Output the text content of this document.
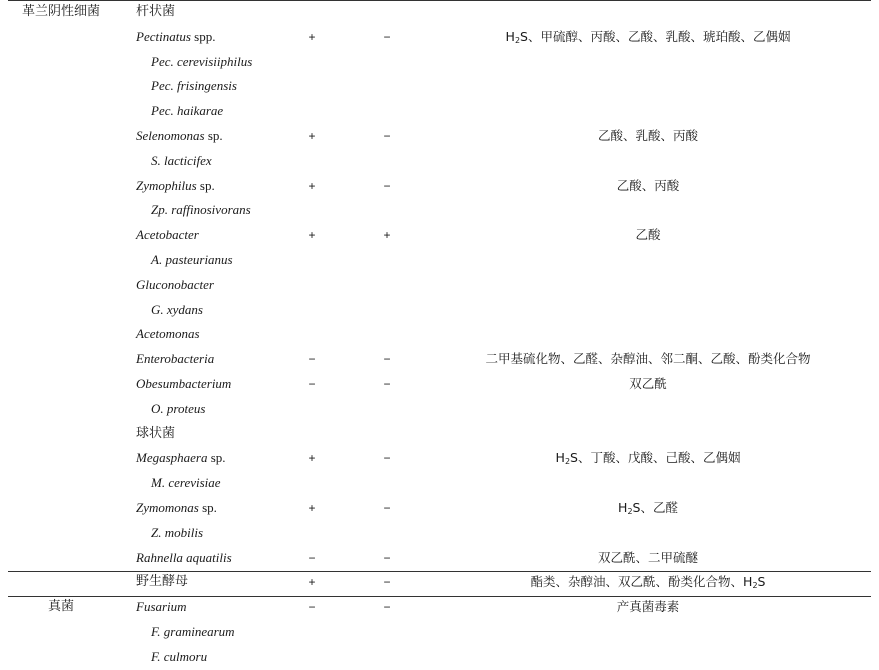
革兰阴性细菌	杆状菌
Pectinatus spp.	+	−	$H_2S$、甲硫醇、丙酸、乙酸、乳酸、琥珀酸、乙偶姻
Pec. cerevisiiphilus
Pec. frisingensis
Pec. haikarae
Selenomonas sp.	+	−	乙酸、乳酸、丙酸
S. lacticifex
Zymophilus sp.	+	−	乙酸、丙酸
Zp. raffinosivorans
Acetobacter	+	+	乙酸
A. pasteurianus
Gluconobacter
G. xydans
Acetomonas
Enterobacteria	−	−	二甲基硫化物、乙醛、杂醇油、邻二酮、乙酸、酚类化合物
Obesumbacterium	−	−	双乙酰
O. proteus
球状菌
Megasphaera sp.	+	−	$H_2S$、丁酸、戊酸、己酸、乙偶姻
M. cerevisiae
Zymomonas sp.	+	−	$H_2S$、乙醛
Z. mobilis
Rahnella aquatilis	−	−	双乙酰、二甲硫醚
野生酵母	+	−	酯类、杂醇油、双乙酰、酚类化合物、$H_2S$
真菌	Fusarium	−	−	产真菌毒素
F. graminearum
F. culmoru
